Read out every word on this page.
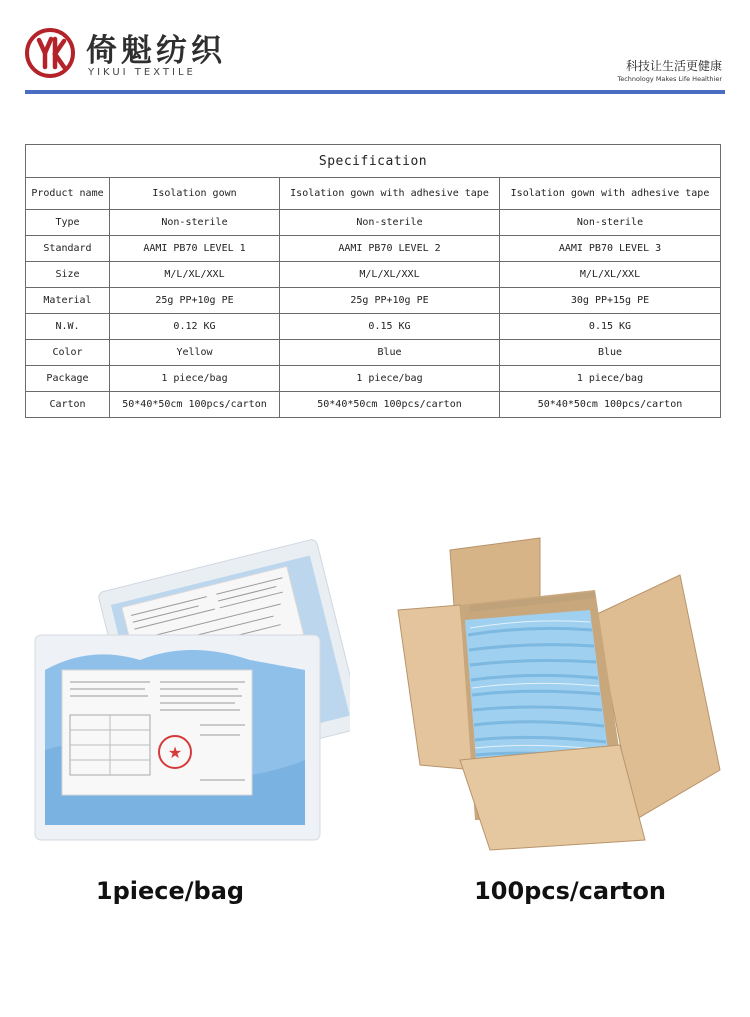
倚魁纺织
YIKUI TEXTILE	科技让生活更健康
Technology Makes Life Healthier
Specification			
Product name	Isolation gown	Isolation gown with adhesive tape	Isolation gown with adhesive tape
Type	Non-sterile	Non-sterile	Non-sterile
Standard	AAMI PB70 LEVEL 1	AAMI PB70 LEVEL 2	AAMI PB70 LEVEL 3
Size	M/L/XL/XXL	M/L/XL/XXL	M/L/XL/XXL
Material	25g PP+10g PE	25g PP+10g PE	30g PP+15g PE
N.W.	0.12 KG	0.15 KG	0.15 KG
Color	Yellow	Blue	Blue
Package	1 piece/bag	1 piece/bag	1 piece/bag
Carton	50*40*50cm 100pcs/carton	50*40*50cm 100pcs/carton	50*40*50cm 100pcs/carton
★
1piece/bag	100pcs/carton
